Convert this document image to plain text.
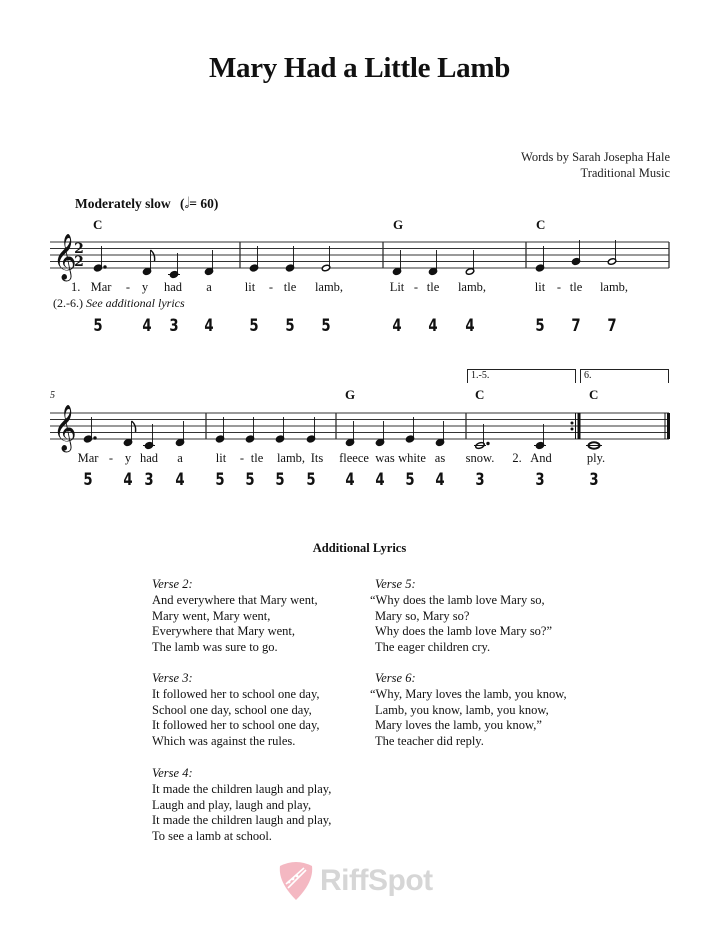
Mary Had a Little Lamb
Words by Sarah Josepha Hale
Traditional Music
Moderately slow (𝅗𝅥= 60)
𝄞
𝄞
2
2
C	G	C
1. Mar - y had a	lit - tle lamb,	Lit - tle lamb,	lit - tle lamb,
(2.-6.) See additional lyrics
5 4 3 4 5 5 5	4 4 4	5 7 7
5
1.-5.	6.
G	C	C
Mar - y had a	lit - tle lamb, Its fleece was white as snow. 2. And	ply.
5 4 3 4 5 5 5 5 4 4 5 4 3	3	3
Additional Lyrics
Verse 2:
And everywhere that Mary went,
Mary went, Mary went,
Everywhere that Mary went,
The lamb was sure to go.
Verse 3:
It followed her to school one day,
School one day, school one day,
It followed her to school one day,
Which was against the rules.
Verse 4:
It made the children laugh and play,
Laugh and play, laugh and play,
It made the children laugh and play,
To see a lamb at school.
Verse 5:
“Why does the lamb love Mary so,
Mary so, Mary so?
Why does the lamb love Mary so?”
The eager children cry.
Verse 6:
“Why, Mary loves the lamb, you know,
Lamb, you know, lamb, you know,
Mary loves the lamb, you know,”
The teacher did reply.
RiffSpot
